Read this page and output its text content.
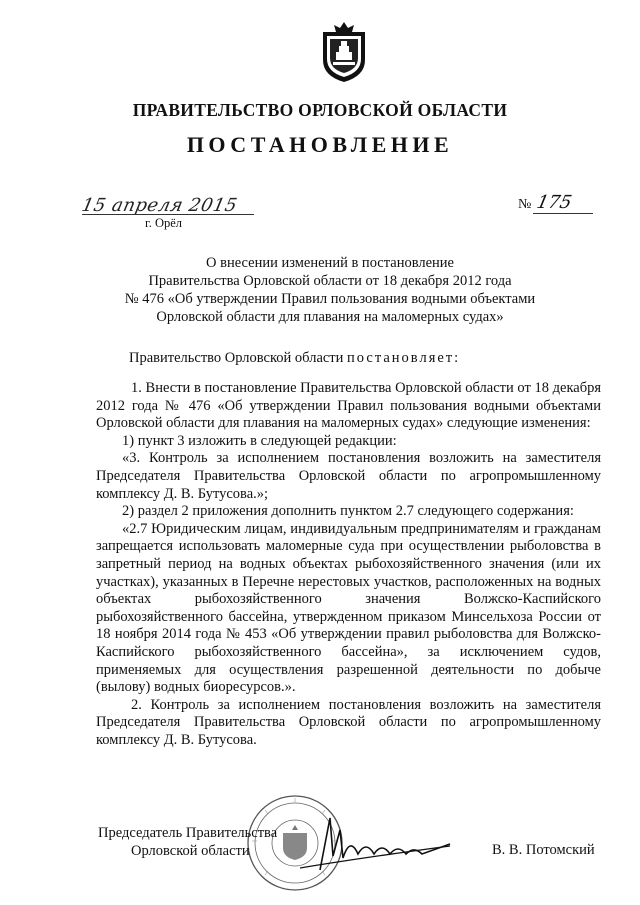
ПРАВИТЕЛЬСТВО ОРЛОВСКОЙ ОБЛАСТИ
ПОСТАНОВЛЕНИЕ
15 апреля 2015
г. Орёл
№ 175
О внесении изменений в постановление
Правительства Орловской области от 18 декабря 2012 года
№ 476 «Об утверждении Правил пользования водными объектами
Орловской области для плавания на маломерных судах»
Правительство Орловской области постановляет:

1. Внести в постановление Правительства Орловской области от 18 декабря 2012 года № 476 «Об утверждении Правил пользования водными объектами Орловской области для плавания на маломерных судах» следующие изменения:

1) пункт 3 изложить в следующей редакции:

«3. Контроль за исполнением постановления возложить на заместителя Председателя Правительства Орловской области по агропромышленному комплексу Д. В. Бутусова.»;

2) раздел 2 приложения дополнить пунктом 2.7 следующего содержания:

«2.7 Юридическим лицам, индивидуальным предпринимателям и гражданам запрещается использовать маломерные суда при осуществлении рыболовства в запретный период на водных объектах рыбохозяйственного значения (или их участках), указанных в Перечне нерестовых участков, расположенных на водных объектах рыбохозяйственного значения Волжско-Каспийского рыбохозяйственного бассейна, утвержденном приказом Минсельхоза России от 18 ноября 2014 года № 453 «Об утверждении правил рыболовства для Волжско-Каспийского рыбохозяйственного бассейна», за исключением судов, применяемых для осуществления разрешенной деятельности по добыче (вылову) водных биоресурсов.».

2. Контроль за исполнением постановления возложить на заместителя Председателя Правительства Орловской области по агропромышленному комплексу Д. В. Бутусова.

Председатель Правительства
Орловской области	В. В. Потомский
